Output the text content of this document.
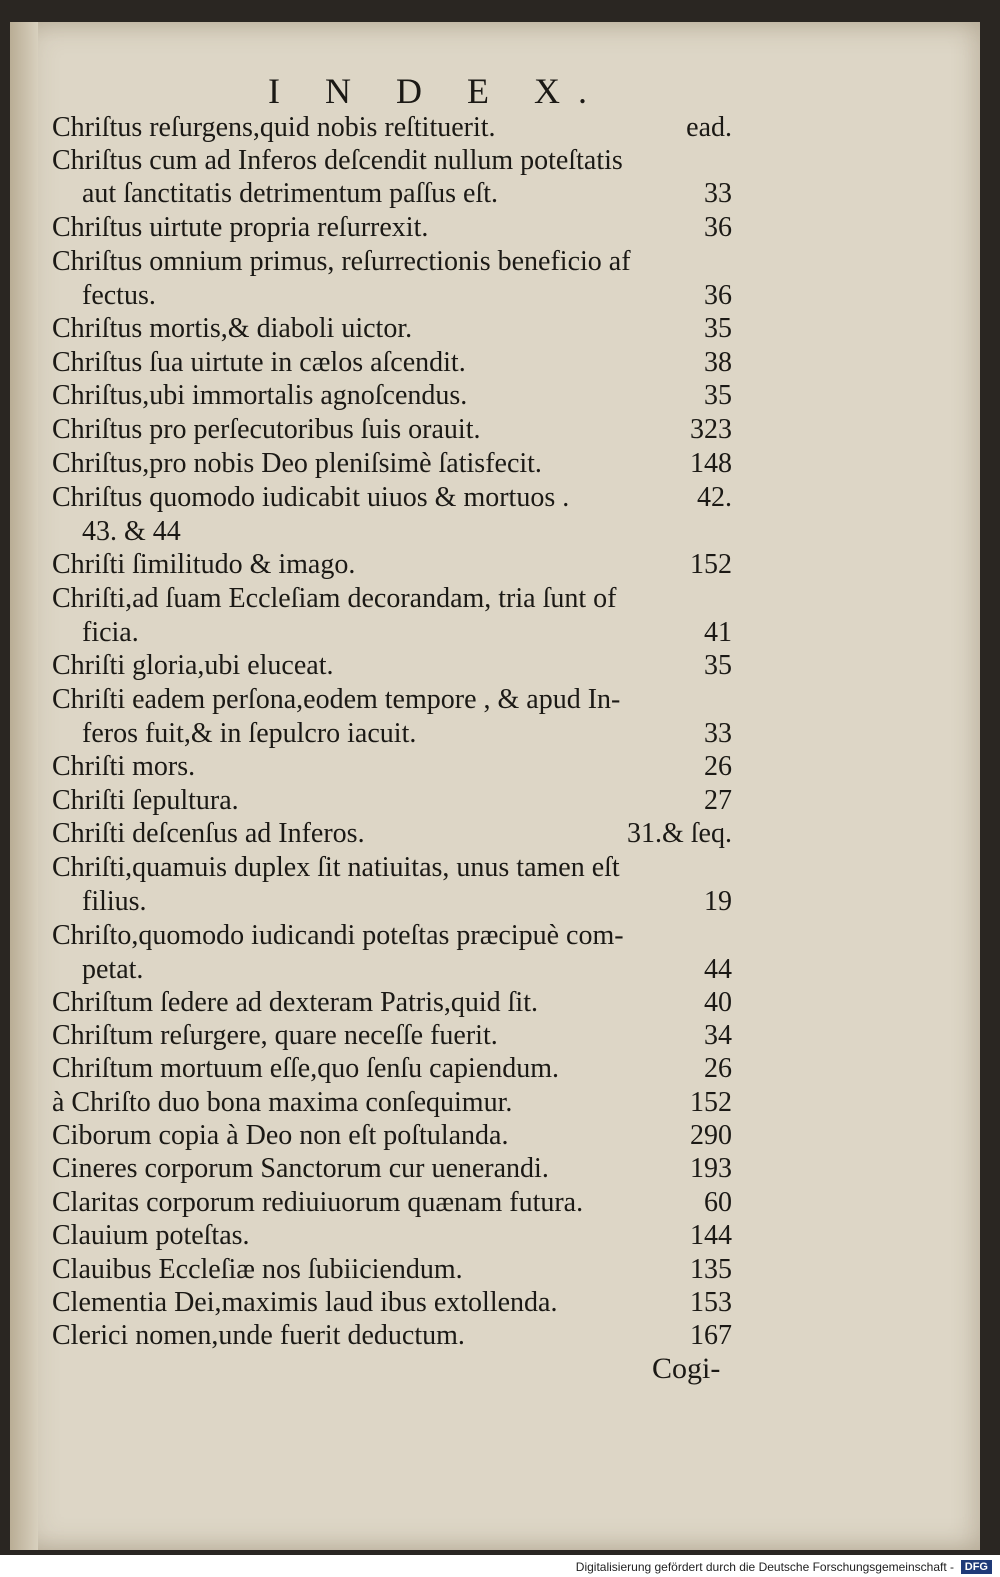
I N D E X.
Chriſtus reſurgens,quid nobis reſtituerit.	ead.
Chriſtus cum ad Inferos deſcendit nullum poteſtatis
aut ſanctitatis detrimentum paſſus eſt.	33
Chriſtus uirtute propria reſurrexit.	36
Chriſtus omnium primus, reſurrectionis beneficio af
fectus.	36
Chriſtus mortis,& diaboli uictor.	35
Chriſtus ſua uirtute in cælos aſcendit.	38
Chriſtus,ubi immortalis agnoſcendus.	35
Chriſtus pro perſecutoribus ſuis orauit.	323
Chriſtus,pro nobis Deo pleniſsimè ſatisfecit.	148
Chriſtus quomodo iudicabit uiuos & mortuos .	42.
43. & 44
Chriſti ſimilitudo & imago.	152
Chriſti,ad ſuam Eccleſiam decorandam, tria ſunt of
ficia.	41
Chriſti gloria,ubi eluceat.	35
Chriſti eadem perſona,eodem tempore , & apud In-
feros fuit,& in ſepulcro iacuit.	33
Chriſti mors.	26
Chriſti ſepultura.	27
Chriſti deſcenſus ad Inferos.	31.& ſeq.
Chriſti,quamuis duplex ſit natiuitas, unus tamen eſt
filius.	19
Chriſto,quomodo iudicandi poteſtas præcipuè com-
petat.	44
Chriſtum ſedere ad dexteram Patris,quid ſit.	40
Chriſtum reſurgere, quare neceſſe fuerit.	34
Chriſtum mortuum eſſe,quo ſenſu capiendum.	26
à Chriſto duo bona maxima conſequimur.	152
Ciborum copia à Deo non eſt poſtulanda.	290
Cineres corporum Sanctorum cur uenerandi.	193
Claritas corporum rediuiuorum quænam futura.	60
Clauium poteſtas.	144
Clauibus Eccleſiæ nos ſubiiciendum.	135
Clementia Dei,maximis laud ibus extollenda.	153
Clerici nomen,unde fuerit deductum.	167
Cogi-
Digitalisierung gefördert durch die Deutsche Forschungsgemeinschaft - DFG
